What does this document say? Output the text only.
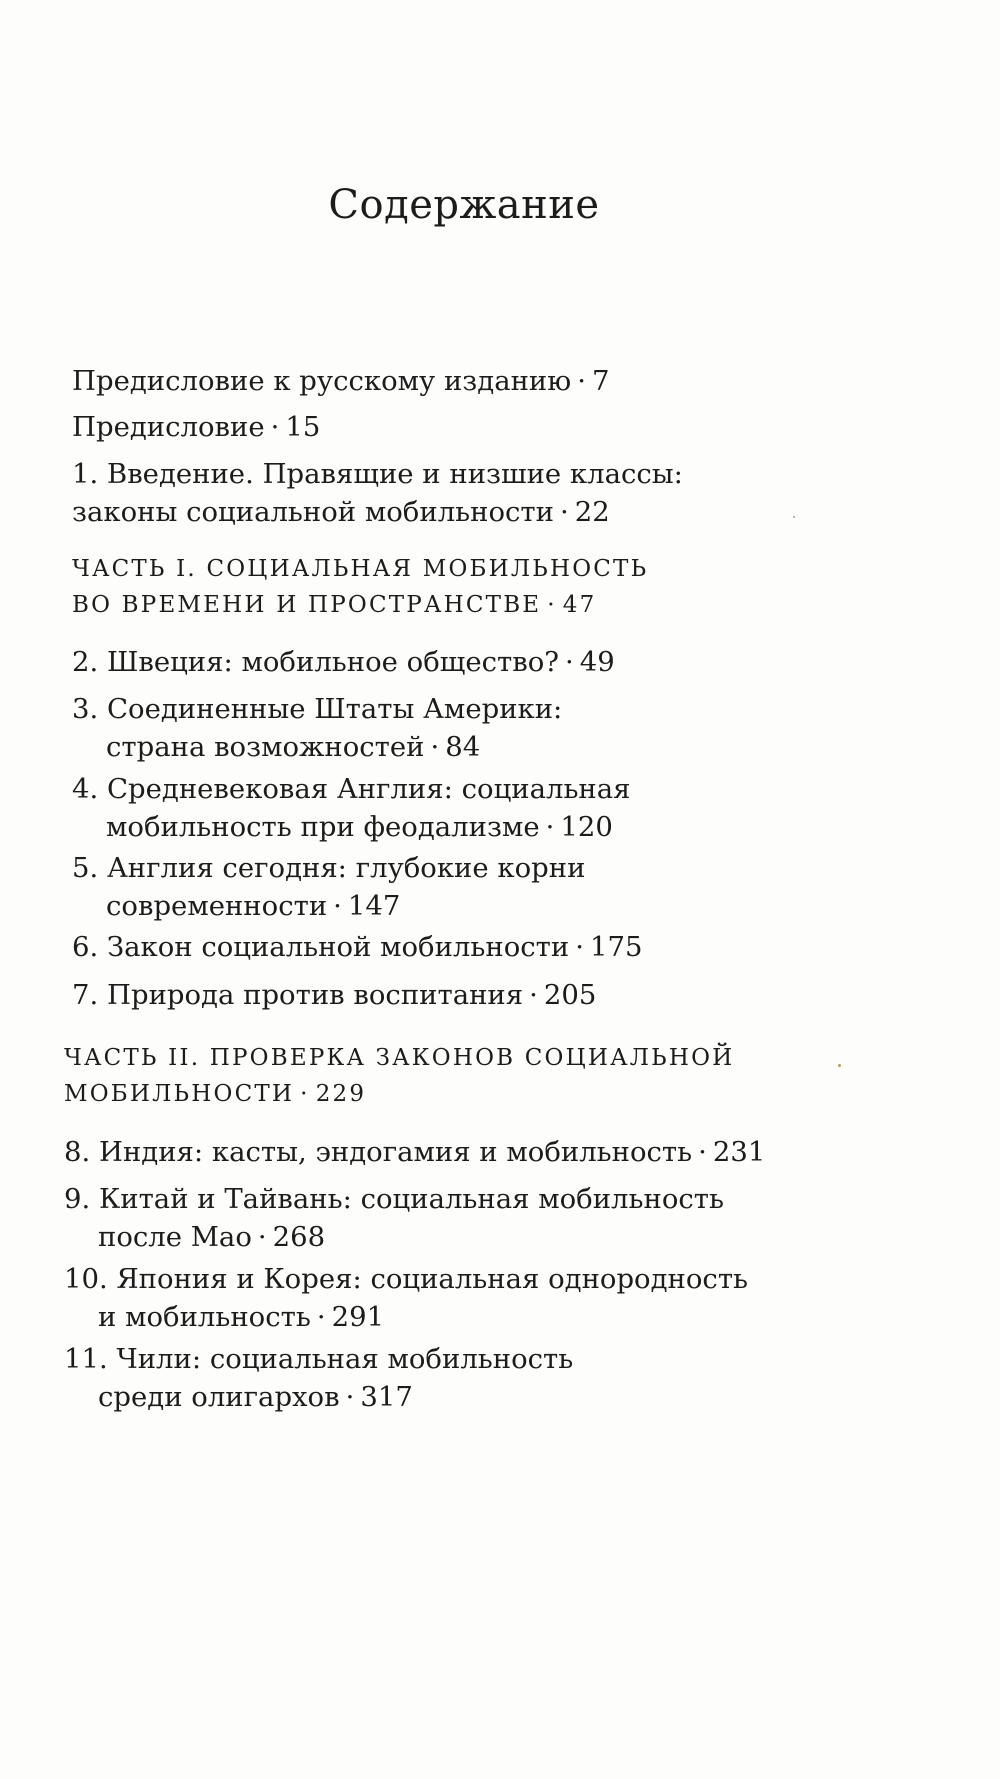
Содержание
Предисловие к русскому изданию · 7
Предисловие · 15
1. Введение. Правящие и низшие классы:
законы социальной мобильности · 22
ЧАСТЬ I. СОЦИАЛЬНАЯ МОБИЛЬНОСТЬ
ВО ВРЕМЕНИ И ПРОСТРАНСТВЕ · 47
2. Швеция: мобильное общество? · 49
3. Соединенные Штаты Америки:
страна возможностей · 84
4. Средневековая Англия: социальная
мобильность при феодализме · 120
5. Англия сегодня: глубокие корни
современности · 147
6. Закон социальной мобильности · 175
7. Природа против воспитания · 205
ЧАСТЬ II. ПРОВЕРКА ЗАКОНОВ СОЦИАЛЬНОЙ
МОБИЛЬНОСТИ · 229
8. Индия: касты, эндогамия и мобильность · 231
9. Китай и Тайвань: социальная мобильность
после Мао · 268
10. Япония и Корея: социальная однородность
и мобильность · 291
11. Чили: социальная мобильность
среди олигархов · 317
